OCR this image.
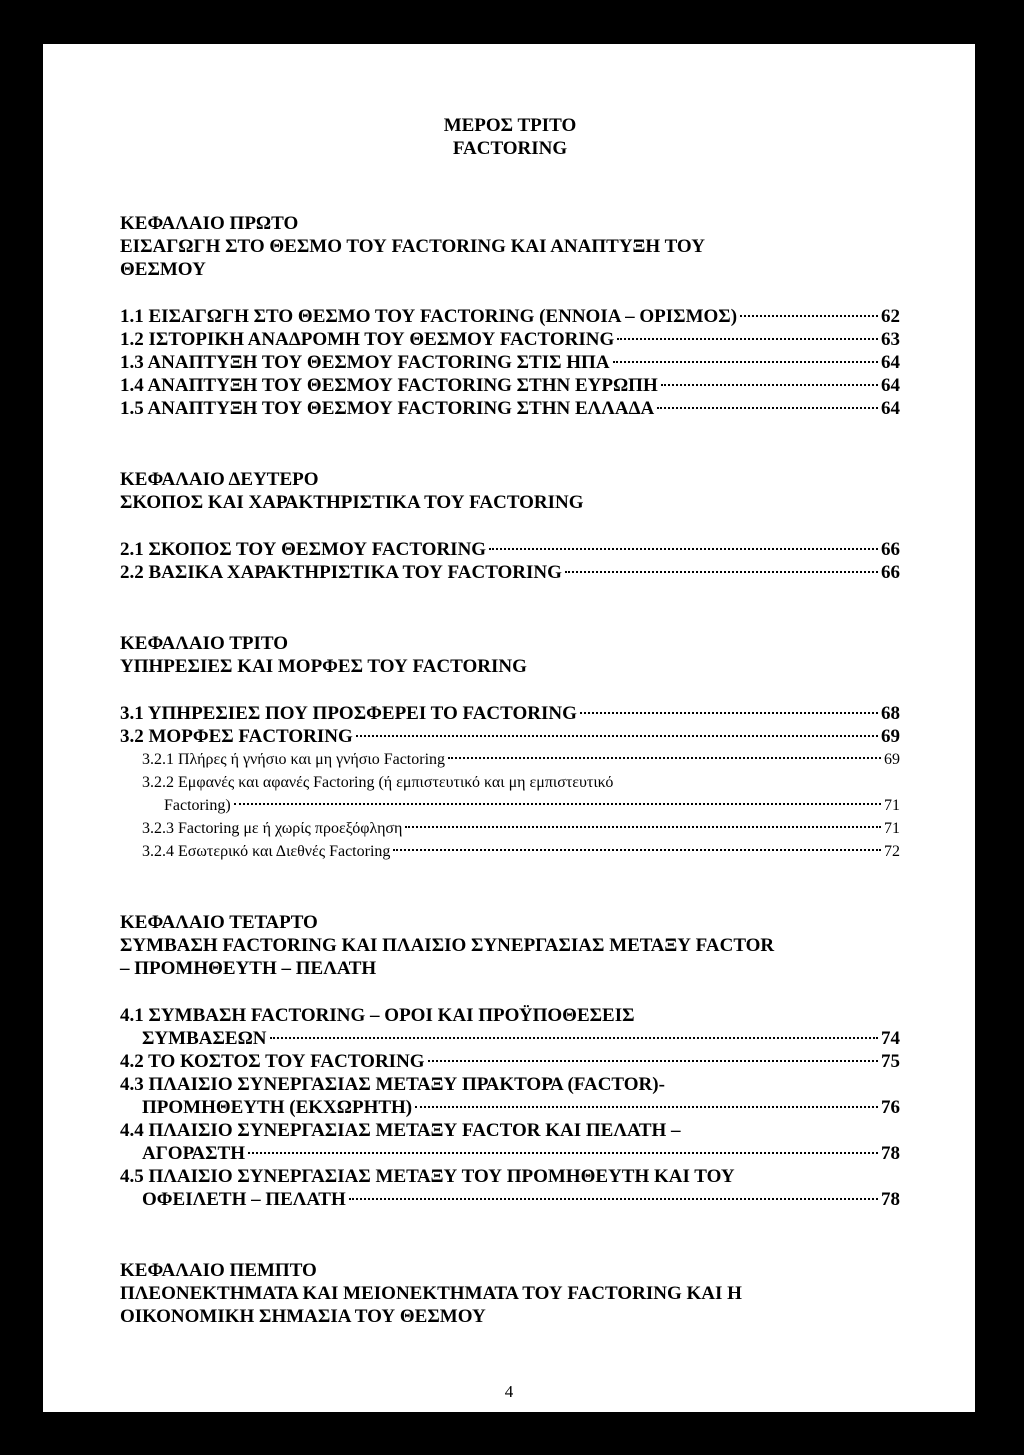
ΜΕΡΟΣ ΤΡΙΤΟ
FACTORING
ΚΕΦΑΛΑΙΟ ΠΡΩΤΟ
ΕΙΣΑΓΩΓΗ ΣΤΟ ΘΕΣΜΟ ΤΟΥ FACTORING ΚΑΙ ΑΝΑΠΤΥΞΗ ΤΟΥ
ΘΕΣΜΟΥ
1.1 ΕΙΣΑΓΩΓΗ ΣΤΟ ΘΕΣΜΟ ΤΟΥ FACTORING (ΕΝΝΟΙΑ – ΟΡΙΣΜΟΣ)	62
1.2 ΙΣΤΟΡΙΚΗ ΑΝΑΔΡΟΜΗ ΤΟΥ ΘΕΣΜΟΥ FACTORING	63
1.3 ΑΝΑΠΤΥΞΗ ΤΟΥ ΘΕΣΜΟΥ FACTORING ΣΤΙΣ ΗΠΑ	64
1.4 ΑΝΑΠΤΥΞΗ ΤΟΥ ΘΕΣΜΟΥ FACTORING ΣΤΗΝ ΕΥΡΩΠΗ	64
1.5 ΑΝΑΠΤΥΞΗ ΤΟΥ ΘΕΣΜΟΥ FACTORING ΣΤΗΝ ΕΛΛΑΔΑ	64
ΚΕΦΑΛΑΙΟ ΔΕΥΤΕΡΟ
ΣΚΟΠΟΣ ΚΑΙ ΧΑΡΑΚΤΗΡΙΣΤΙΚΑ ΤΟΥ FACTORING
2.1 ΣΚΟΠΟΣ ΤΟΥ ΘΕΣΜΟΥ FACTORING	66
2.2 ΒΑΣΙΚΑ ΧΑΡΑΚΤΗΡΙΣΤΙΚΑ ΤΟΥ FACTORING	66
ΚΕΦΑΛΑΙΟ ΤΡΙΤΟ
ΥΠΗΡΕΣΙΕΣ ΚΑΙ ΜΟΡΦΕΣ ΤΟΥ FACTORING
3.1 ΥΠΗΡΕΣΙΕΣ ΠΟΥ ΠΡΟΣΦΕΡΕΙ ΤΟ FACTORING	68
3.2 ΜΟΡΦΕΣ FACTORING	69
3.2.1 Πλήρες ή γνήσιο και μη γνήσιο Factoring	69
3.2.2 Εμφανές και αφανές Factoring (ή εμπιστευτικό και μη εμπιστευτικό
Factoring)	71
3.2.3 Factoring με ή χωρίς προεξόφληση	71
3.2.4 Εσωτερικό και Διεθνές Factoring	72
ΚΕΦΑΛΑΙΟ ΤΕΤΑΡΤΟ
ΣΥΜΒΑΣΗ FACTORING ΚΑΙ ΠΛΑΙΣΙΟ ΣΥΝΕΡΓΑΣΙΑΣ ΜΕΤΑΞΥ FACTOR
– ΠΡΟΜΗΘΕΥΤΗ – ΠΕΛΑΤΗ
4.1 ΣΥΜΒΑΣΗ FACTORING – ΟΡΟΙ ΚΑΙ ΠΡΟΫΠΟΘΕΣΕΙΣ
ΣΥΜΒΑΣΕΩΝ	74
4.2 ΤΟ ΚΟΣΤΟΣ ΤΟΥ FACTORING	75
4.3 ΠΛΑΙΣΙΟ ΣΥΝΕΡΓΑΣΙΑΣ ΜΕΤΑΞΥ ΠΡΑΚΤΟΡΑ (FACTOR)-
ΠΡΟΜΗΘΕΥΤΗ (ΕΚΧΩΡΗΤΗ)	76
4.4 ΠΛΑΙΣΙΟ ΣΥΝΕΡΓΑΣΙΑΣ ΜΕΤΑΞΥ FACTOR ΚΑΙ ΠΕΛΑΤΗ –
ΑΓΟΡΑΣΤΗ	78
4.5 ΠΛΑΙΣΙΟ ΣΥΝΕΡΓΑΣΙΑΣ ΜΕΤΑΞΥ ΤΟΥ ΠΡΟΜΗΘΕΥΤΗ ΚΑΙ ΤΟΥ
ΟΦΕΙΛΕΤΗ – ΠΕΛΑΤΗ	78
ΚΕΦΑΛΑΙΟ ΠΕΜΠΤΟ
ΠΛΕΟΝΕΚΤΗΜΑΤΑ ΚΑΙ ΜΕΙΟΝΕΚΤΗΜΑΤΑ ΤΟΥ FACTORING ΚΑΙ Η
ΟΙΚΟΝΟΜΙΚΗ ΣΗΜΑΣΙΑ ΤΟΥ ΘΕΣΜΟΥ
4
